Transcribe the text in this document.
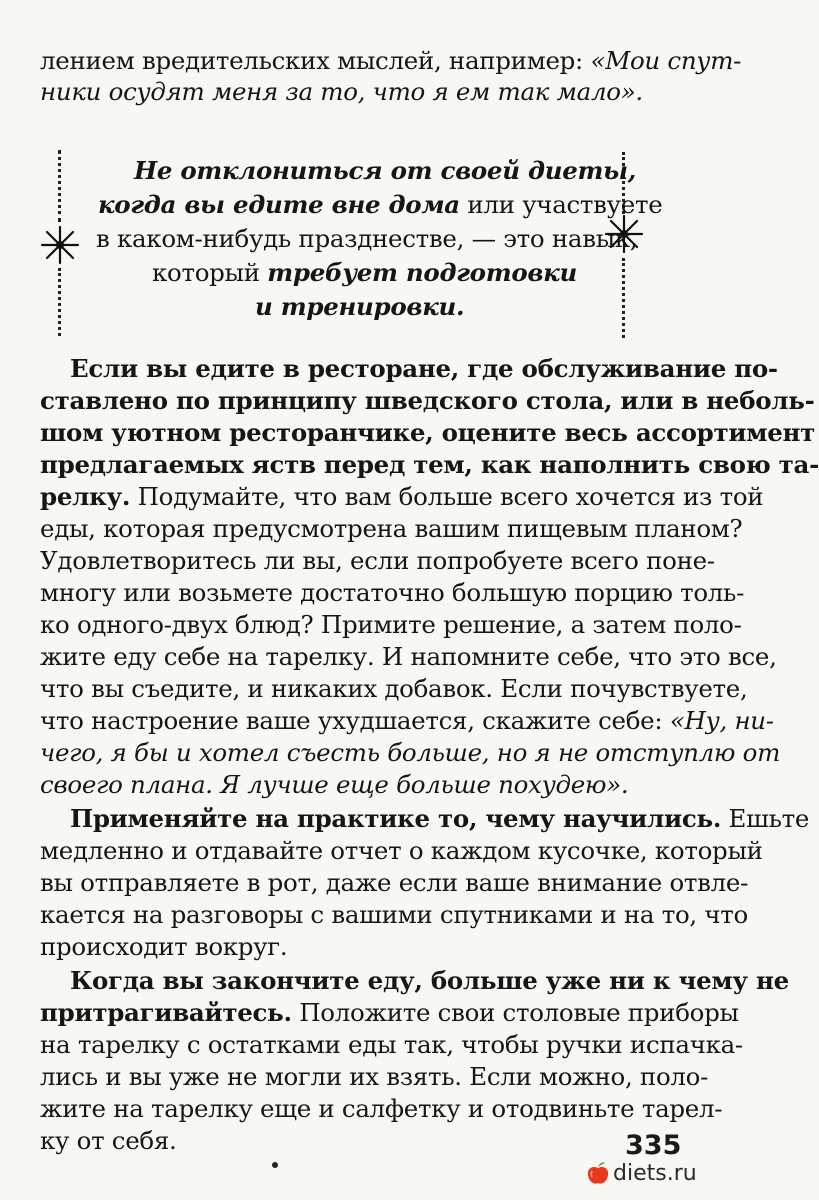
лением вредительских мыслей, например: «Мои спут-
ники осудят меня за то, что я ем так мало».
Не отклониться от своей диеты,
когда вы едите вне дома или участвуете
в каком-нибудь празднестве, — это навык,
который требует подготовки
и тренировки.
Если вы едите в ресторане, где обслуживание по-
ставлено по принципу шведского стола, или в неболь-
шом уютном ресторанчике, оцените весь ассортимент
предлагаемых яств перед тем, как наполнить свою та-
релку. Подумайте, что вам больше всего хочется из той
еды, которая предусмотрена вашим пищевым планом?
Удовлетворитесь ли вы, если попробуете всего поне-
многу или возьмете достаточно большую порцию толь-
ко одного-двух блюд? Примите решение, а затем поло-
жите еду себе на тарелку. И напомните себе, что это все,
что вы съедите, и никаких добавок. Если почувствуете,
что настроение ваше ухудшается, скажите себе: «Ну, ни-
чего, я бы и хотел съесть больше, но я не отступлю от
своего плана. Я лучше еще больше похудею».
Применяйте на практике то, чему научились. Ешьте
медленно и отдавайте отчет о каждом кусочке, который
вы отправляете в рот, даже если ваше внимание отвле-
кается на разговоры с вашими спутниками и на то, что
происходит вокруг.
Когда вы закончите еду, больше уже ни к чему не
притрагивайтесь. Положите свои столовые приборы
на тарелку с остатками еды так, чтобы ручки испачка-
лись и вы уже не могли их взять. Если можно, поло-
жите на тарелку еще и салфетку и отодвиньте тарел-
ку от себя.	335
diets.ru
